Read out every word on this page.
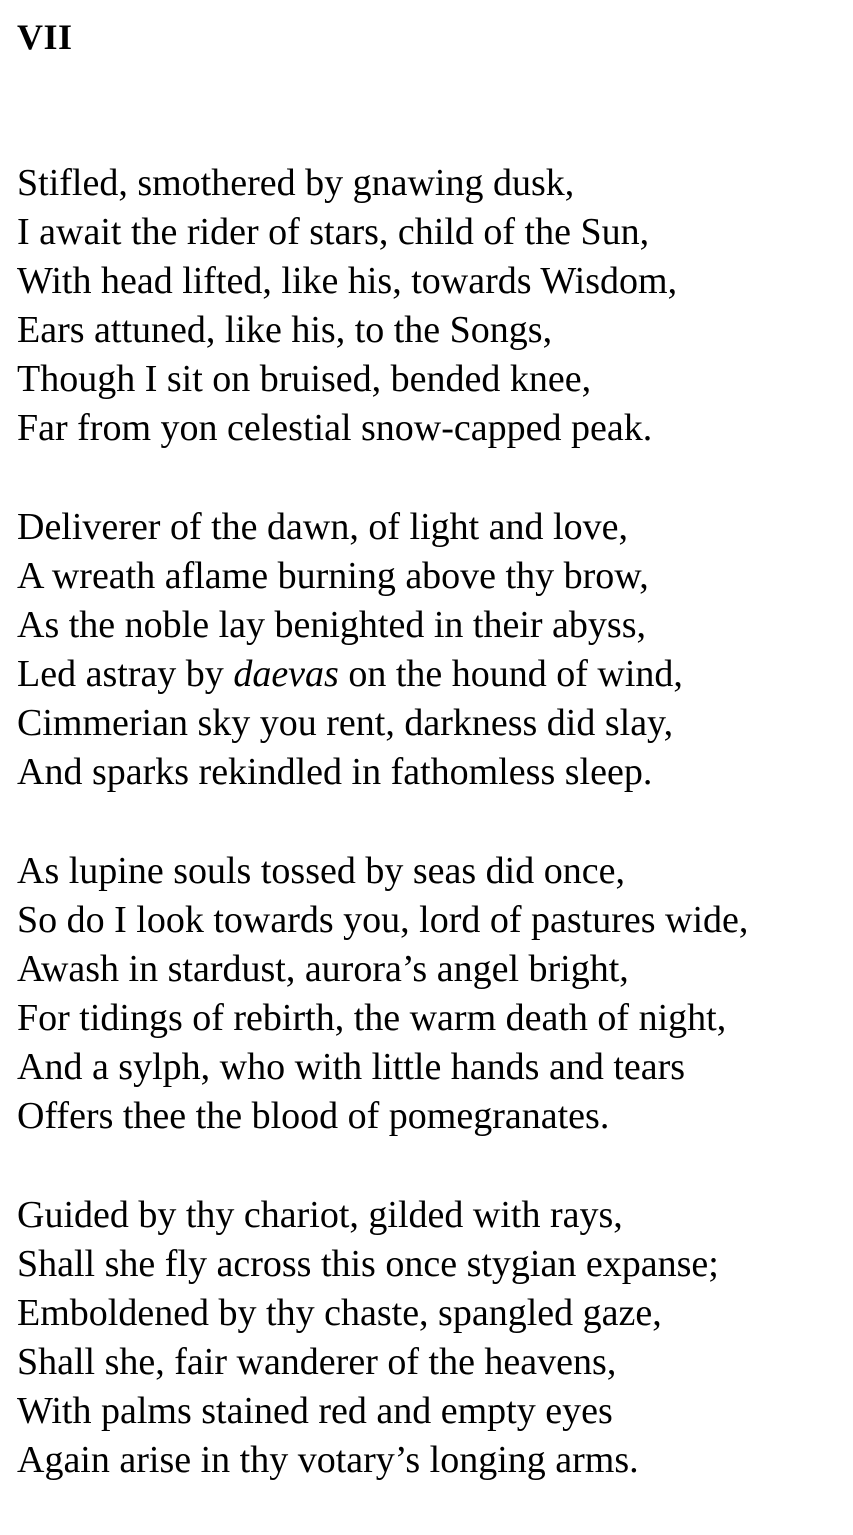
VII
Stifled, smothered by gnawing dusk,
I await the rider of stars, child of the Sun,
With head lifted, like his, towards Wisdom,
Ears attuned, like his, to the Songs,
Though I sit on bruised, bended knee,
Far from yon celestial snow-capped peak.
Deliverer of the dawn, of light and love,
A wreath aflame burning above thy brow,
As the noble lay benighted in their abyss,
Led astray by daevas on the hound of wind,
Cimmerian sky you rent, darkness did slay,
And sparks rekindled in fathomless sleep.
As lupine souls tossed by seas did once,
So do I look towards you, lord of pastures wide,
Awash in stardust, aurora’s angel bright,
For tidings of rebirth, the warm death of night,
And a sylph, who with little hands and tears
Offers thee the blood of pomegranates.
Guided by thy chariot, gilded with rays,
Shall she fly across this once stygian expanse;
Emboldened by thy chaste, spangled gaze,
Shall she, fair wanderer of the heavens,
With palms stained red and empty eyes
Again arise in thy votary’s longing arms.
